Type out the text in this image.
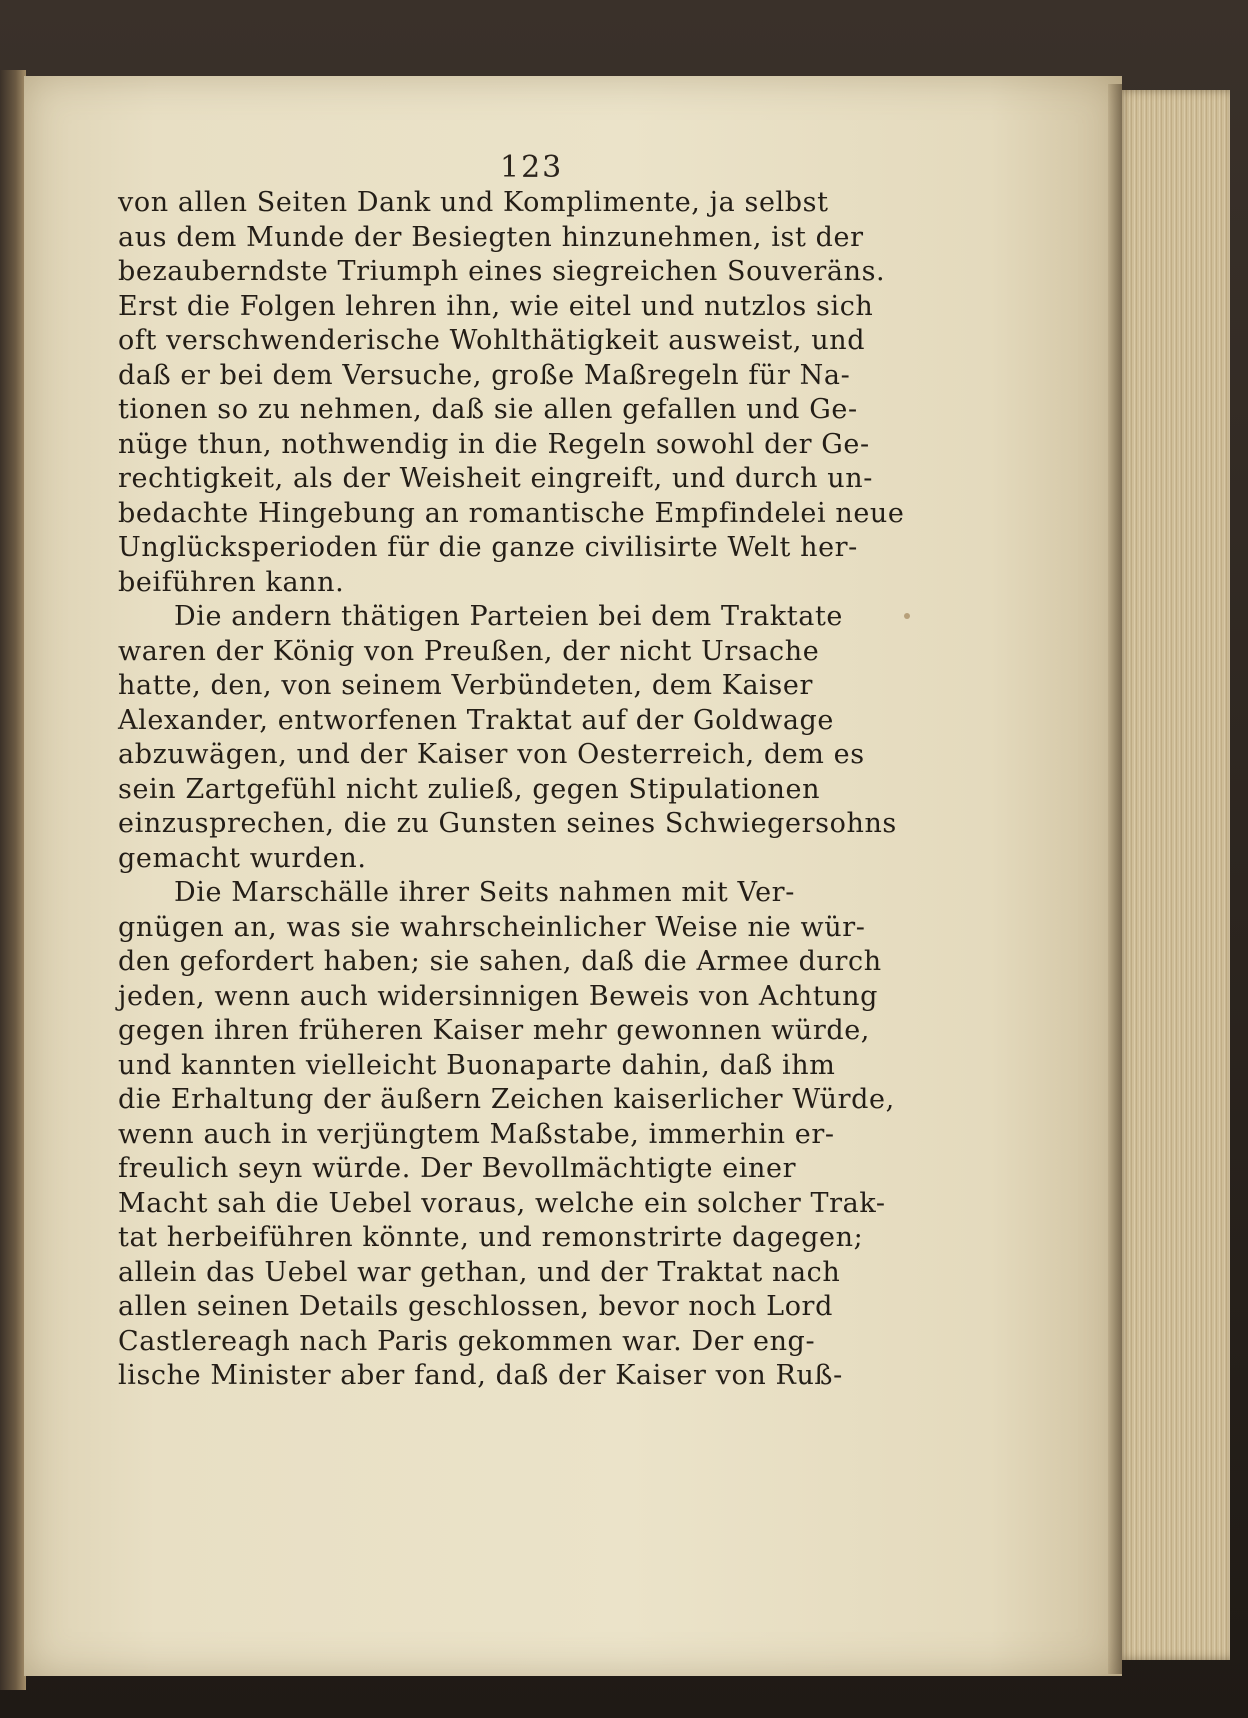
123
von allen Seiten Dank und Komplimente, ja selbst
aus dem Munde der Besiegten hinzunehmen, ist der
bezauberndste Triumph eines siegreichen Souveräns.
Erst die Folgen lehren ihn, wie eitel und nutzlos sich
oft verschwenderische Wohlthätigkeit ausweist, und
daß er bei dem Versuche, große Maßregeln für Na-
tionen so zu nehmen, daß sie allen gefallen und Ge-
nüge thun, nothwendig in die Regeln sowohl der Ge-
rechtigkeit, als der Weisheit eingreift, und durch un-
bedachte Hingebung an romantische Empfindelei neue
Unglücksperioden für die ganze civilisirte Welt her-
beiführen kann.
Die andern thätigen Parteien bei dem Traktate
waren der König von Preußen, der nicht Ursache
hatte, den, von seinem Verbündeten, dem Kaiser
Alexander, entworfenen Traktat auf der Goldwage
abzuwägen, und der Kaiser von Oesterreich, dem es
sein Zartgefühl nicht zuließ, gegen Stipulationen
einzusprechen, die zu Gunsten seines Schwiegersohns
gemacht wurden.
Die Marschälle ihrer Seits nahmen mit Ver-
gnügen an, was sie wahrscheinlicher Weise nie wür-
den gefordert haben; sie sahen, daß die Armee durch
jeden, wenn auch widersinnigen Beweis von Achtung
gegen ihren früheren Kaiser mehr gewonnen würde,
und kannten vielleicht Buonaparte dahin, daß ihm
die Erhaltung der äußern Zeichen kaiserlicher Würde,
wenn auch in verjüngtem Maßstabe, immerhin er-
freulich seyn würde. Der Bevollmächtigte einer
Macht sah die Uebel voraus, welche ein solcher Trak-
tat herbeiführen könnte, und remonstrirte dagegen;
allein das Uebel war gethan, und der Traktat nach
allen seinen Details geschlossen, bevor noch Lord
Castlereagh nach Paris gekommen war. Der eng-
lische Minister aber fand, daß der Kaiser von Ruß-
